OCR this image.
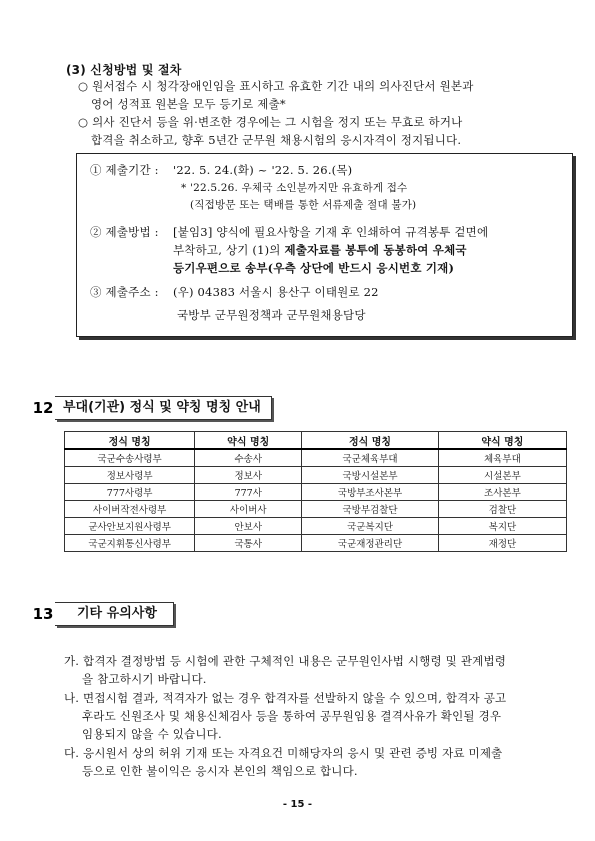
(3) 신청방법 및 절차
○ 원서접수 시 청각장애인임을 표시하고 유효한 기간 내의 의사진단서 원본과
영어 성적표 원본을 모두 등기로 제출*
○ 의사 진단서 등을 위·변조한 경우에는 그 시험을 정지 또는 무효로 하거나
합격을 취소하고, 향후 5년간 군무원 채용시험의 응시자격이 정지됩니다.
① 제출기간 : '22. 5. 24.(화) ~ '22. 5. 26.(목)
* '22.5.26. 우체국 소인분까지만 유효하게 접수
(직접방문 또는 택배를 통한 서류제출 절대 불가)
② 제출방법 : [붙임3] 양식에 필요사항을 기재 후 인쇄하여 규격봉투 겉면에
부착하고, 상기 (1)의 제출자료를 봉투에 동봉하여 우체국
등기우편으로 송부(우측 상단에 반드시 응시번호 기재)
③ 제출주소 : (우) 04383 서울시 용산구 이태원로 22
국방부 군무원정책과 군무원채용담당
12 부대(기관) 정식 및 약칭 명칭 안내
정식 명칭	약식 명칭	정식 명칭	약식 명칭
국군수송사령부	수송사	국군체육부대	체육부대
정보사령부	정보사	국방시설본부	시설본부
777사령부	777사	국방부조사본부	조사본부
사이버작전사령부	사이버사	국방부검찰단	검찰단
군사안보지원사령부	안보사	국군복지단	복지단
국군지휘통신사령부	국통사	국군재정관리단	재정단
13	기타 유의사항
가. 합격자 결정방법 등 시험에 관한 구체적인 내용은 군무원인사법 시행령 및 관계법령
을 참고하시기 바랍니다.
나. 면접시험 결과, 적격자가 없는 경우 합격자를 선발하지 않을 수 있으며, 합격자 공고
후라도 신원조사 및 채용신체검사 등을 통하여 공무원임용 결격사유가 확인될 경우
임용되지 않을 수 있습니다.
다. 응시원서 상의 허위 기재 또는 자격요건 미해당자의 응시 및 관련 증빙 자료 미제출
등으로 인한 불이익은 응시자 본인의 책임으로 합니다.
- 15 -
